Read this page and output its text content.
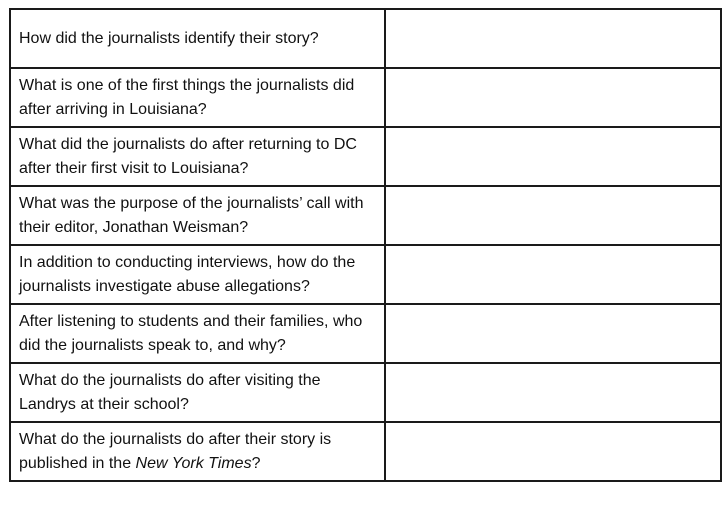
How did the journalists identify their story?	
What is one of the first things the journalists did after arriving in Louisiana?	
What did the journalists do after returning to DC after their first visit to Louisiana?	
What was the purpose of the journalists’ call with their editor, Jonathan Weisman?	
In addition to conducting interviews, how do the journalists investigate abuse allegations?	
After listening to students and their families, who did the journalists speak to, and why?	
What do the journalists do after visiting the Landrys at their school?	
What do the journalists do after their story is published in the New York Times?	
